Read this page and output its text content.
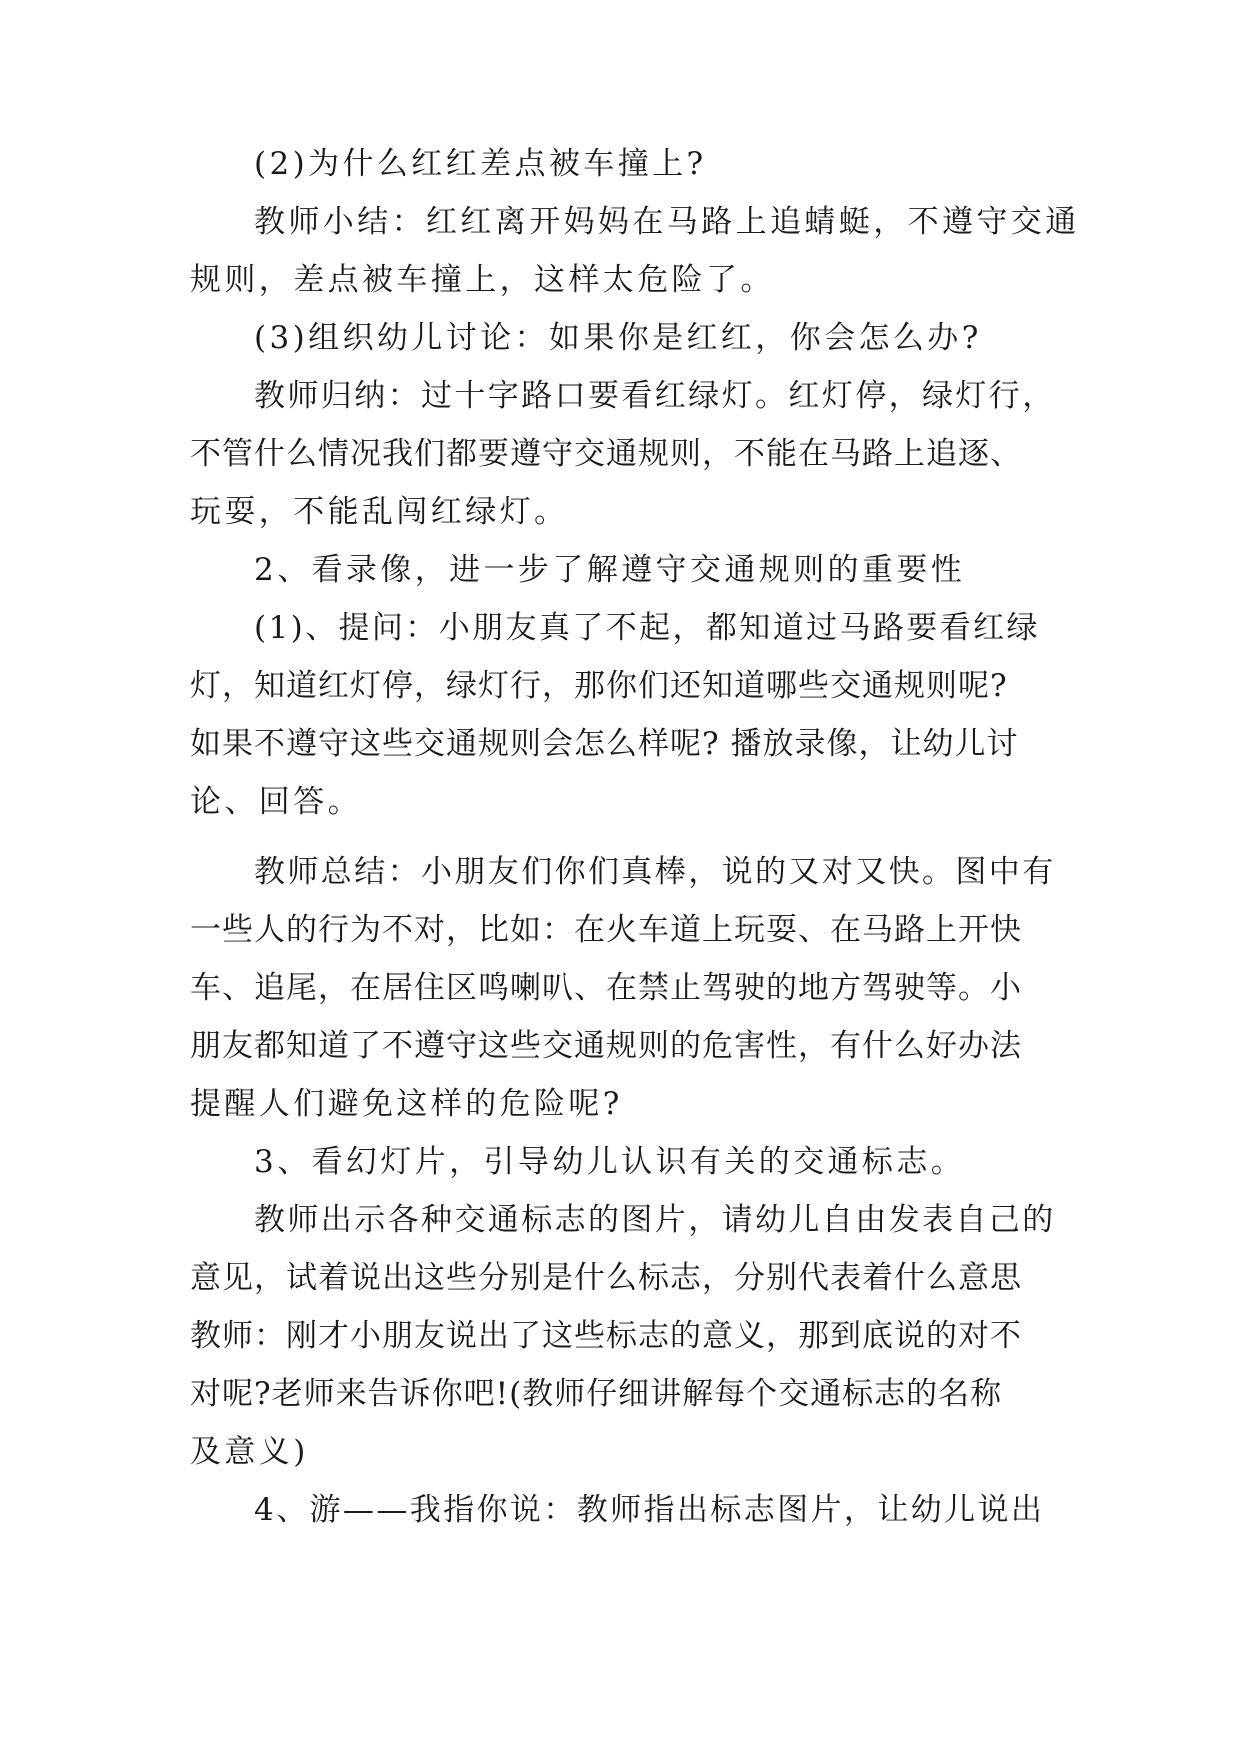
(2)为什么红红差点被车撞上?
教师小结：红红离开妈妈在马路上追蜻蜓，不遵守交通
规则，差点被车撞上，这样太危险了。
(3)组织幼儿讨论：如果你是红红，你会怎么办?
教师归纳：过十字路口要看红绿灯。红灯停，绿灯行，
不管什么情况我们都要遵守交通规则，不能在马路上追逐、
玩耍，不能乱闯红绿灯。
2、看录像，进一步了解遵守交通规则的重要性
(1)、提问：小朋友真了不起，都知道过马路要看红绿
灯，知道红灯停，绿灯行，那你们还知道哪些交通规则呢?
如果不遵守这些交通规则会怎么样呢? 播放录像，让幼儿讨
论、回答。
教师总结：小朋友们你们真棒，说的又对又快。图中有
一些人的行为不对，比如：在火车道上玩耍、在马路上开快
车、追尾，在居住区鸣喇叭、在禁止驾驶的地方驾驶等。小
朋友都知道了不遵守这些交通规则的危害性，有什么好办法
提醒人们避免这样的危险呢?
3、看幻灯片，引导幼儿认识有关的交通标志。
教师出示各种交通标志的图片，请幼儿自由发表自己的
意见，试着说出这些分别是什么标志，分别代表着什么意思
教师：刚才小朋友说出了这些标志的意义，那到底说的对不
对呢?老师来告诉你吧!(教师仔细讲解每个交通标志的名称
及意义)
4、游——我指你说：教师指出标志图片，让幼儿说出
